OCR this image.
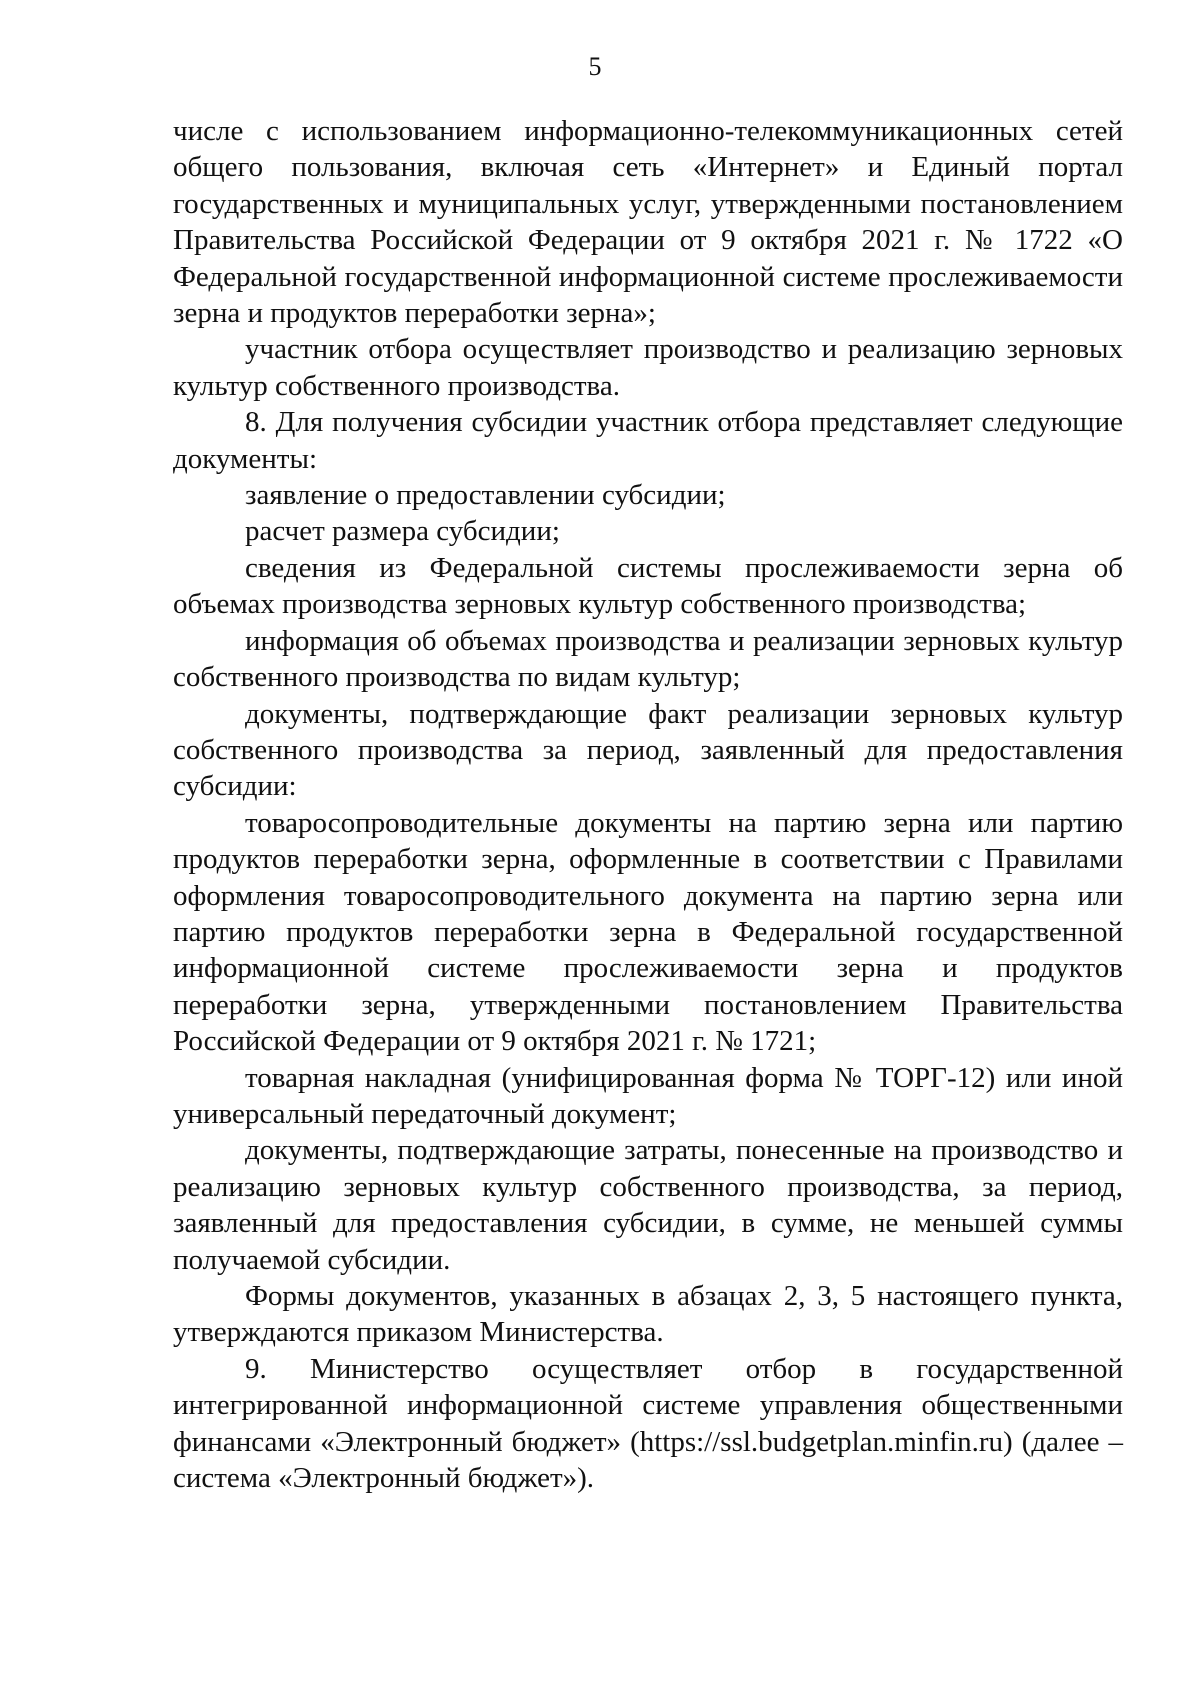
5

числе с использованием информационно-телекоммуникационных сетей общего пользования, включая сеть «Интернет» и Единый портал государственных и муниципальных услуг, утвержденными постановлением Правительства Российской Федерации от 9 октября 2021 г. № 1722 «О Федеральной государственной информационной системе прослеживаемости зерна и продуктов переработки зерна»;

участник отбора осуществляет производство и реализацию зерновых культур собственного производства.

8. Для получения субсидии участник отбора представляет следующие документы:

заявление о предоставлении субсидии;

расчет размера субсидии;

сведения из Федеральной системы прослеживаемости зерна об объемах производства зерновых культур собственного производства;

информация об объемах производства и реализации зерновых культур собственного производства по видам культур;

документы, подтверждающие факт реализации зерновых культур собственного производства за период, заявленный для предоставления субсидии:

товаросопроводительные документы на партию зерна или партию продуктов переработки зерна, оформленные в соответствии с Правилами оформления товаросопроводительного документа на партию зерна или партию продуктов переработки зерна в Федеральной государственной информационной системе прослеживаемости зерна и продуктов переработки зерна, утвержденными постановлением Правительства Российской Федерации от 9 октября 2021 г. № 1721;

товарная накладная (унифицированная форма № ТОРГ-12) или иной универсальный передаточный документ;

документы, подтверждающие затраты, понесенные на производство и реализацию зерновых культур собственного производства, за период, заявленный для предоставления субсидии, в сумме, не меньшей суммы получаемой субсидии.

Формы документов, указанных в абзацах 2, 3, 5 настоящего пункта, утверждаются приказом Министерства.

9. Министерство осуществляет отбор в государственной интегрированной информационной системе управления общественными финансами «Электронный бюджет» (https://ssl.budgetplan.minfin.ru) (далее – система «Электронный бюджет»).
